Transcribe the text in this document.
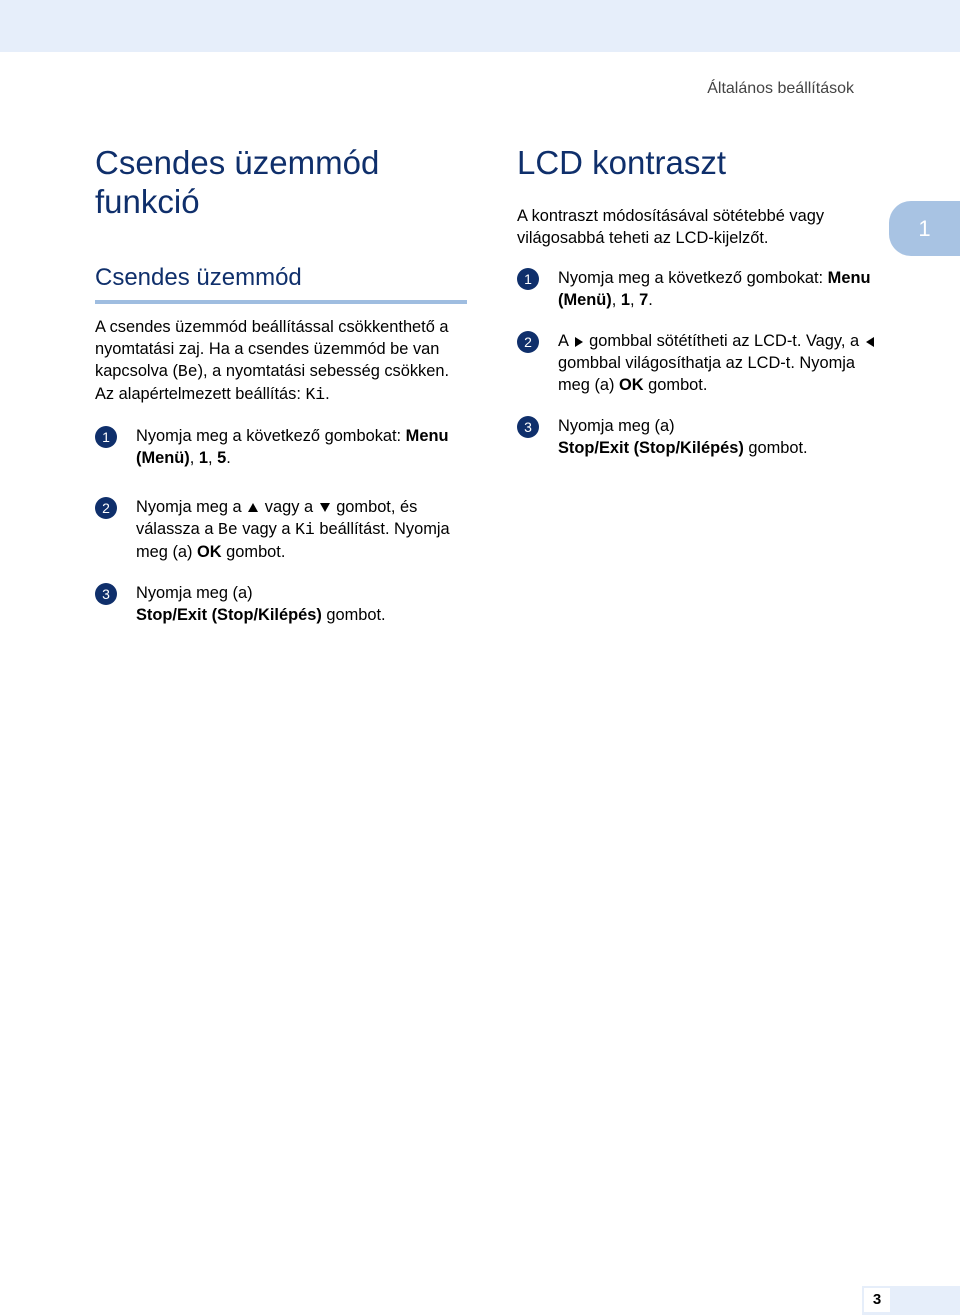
Általános beállítások
1
Csendes üzemmód funkció
Csendes üzemmód

A csendes üzemmód beállítással csökkenthető a nyomtatási zaj. Ha a csendes üzemmód be van kapcsolva (Be), a nyomtatási sebesség csökken. Az alapértelmezett beállítás: Ki.

1	Nyomja meg a következő gombokat: Menu (Menü), 1, 5.
2	Nyomja meg a  vagy a  gombot, és válassza a Be vagy a Ki beállítást. Nyomja meg (a) OK gombot.
3	Nyomja meg (a)
Stop/Exit (Stop/Kilépés) gombot.
LCD kontraszt

A kontraszt módosításával sötétebbé vagy világosabbá teheti az LCD-kijelzőt.

1	Nyomja meg a következő gombokat: Menu (Menü), 1, 7.
2	A  gombbal sötétítheti az LCD-t. Vagy, a  gombbal világosíthatja az LCD-t. Nyomja meg (a) OK gombot.
3	Nyomja meg (a)
Stop/Exit (Stop/Kilépés) gombot.
3
